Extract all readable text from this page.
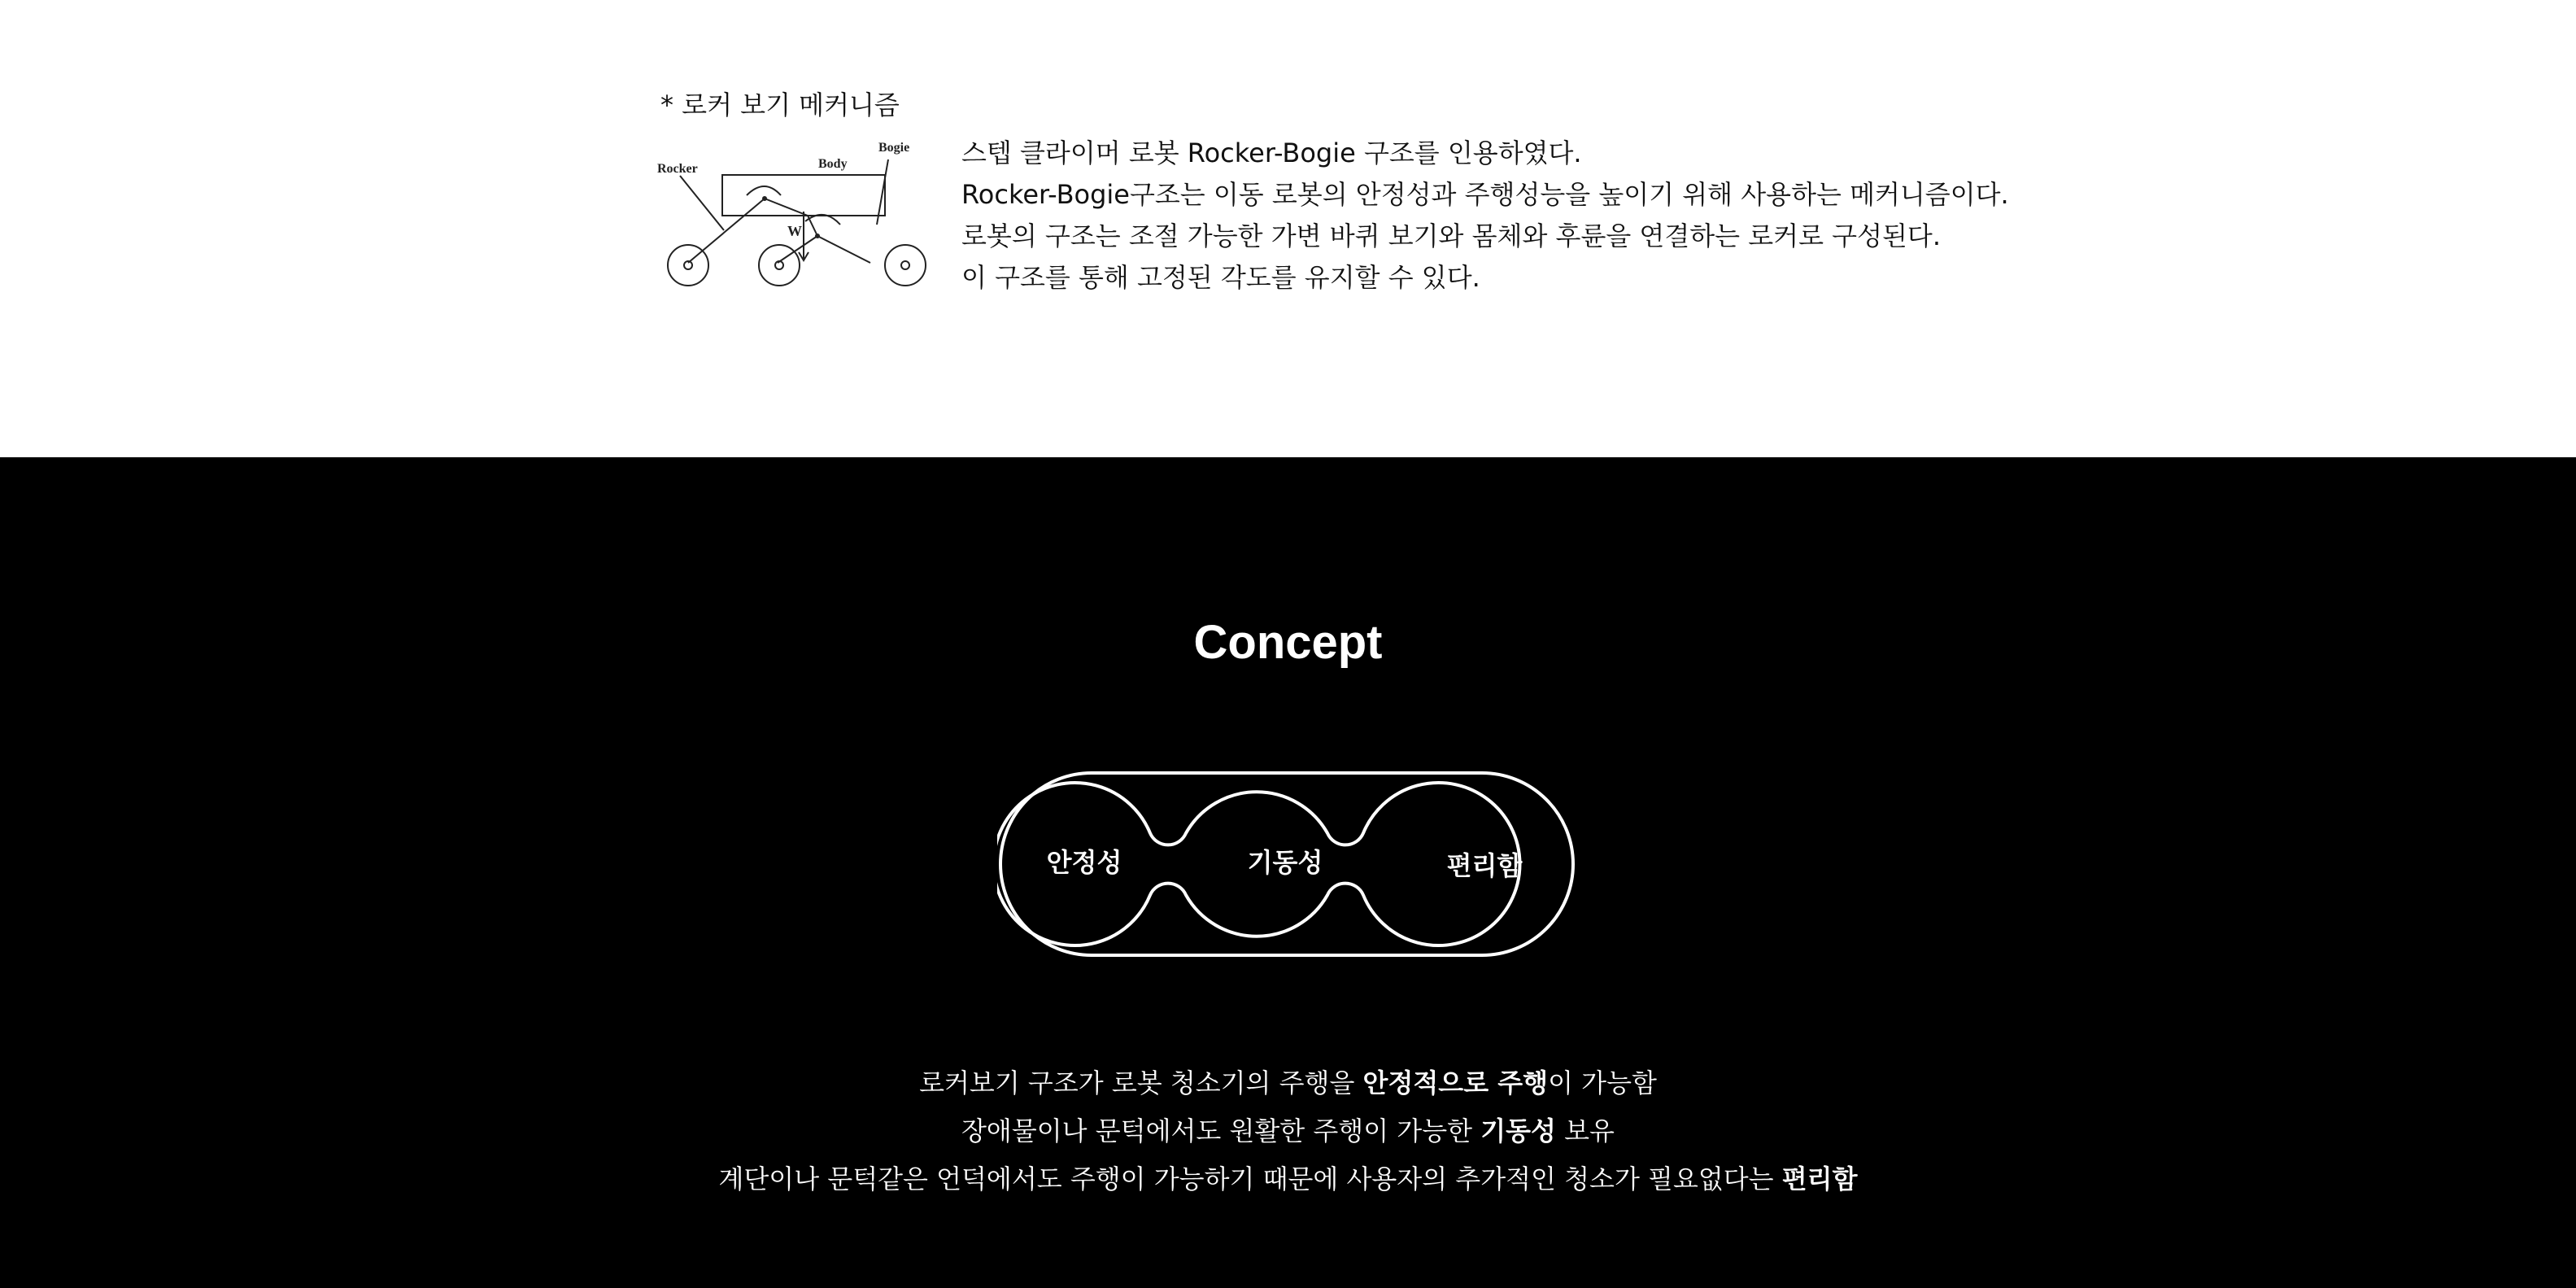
* 로커 보기 메커니즘
Rocker	Body
Bogie
W
스텝 클라이머 로봇 Rocker-Bogie 구조를 인용하였다.
Rocker-Bogie구조는 이동 로봇의 안정성과 주행성능을 높이기 위해 사용하는 메커니즘이다.
로봇의 구조는 조절 가능한 가변 바퀴 보기와 몸체와 후륜을 연결하는 로커로 구성된다.
이 구조를 통해 고정된 각도를 유지할 수 있다.
Concept
안정성	기동성	편리함
로커보기 구조가 로봇 청소기의 주행을 안정적으로 주행이 가능함
장애물이나 문턱에서도 원활한 주행이 가능한 기동성 보유
계단이나 문턱같은 언덕에서도 주행이 가능하기 때문에 사용자의 추가적인 청소가 필요없다는 편리함
